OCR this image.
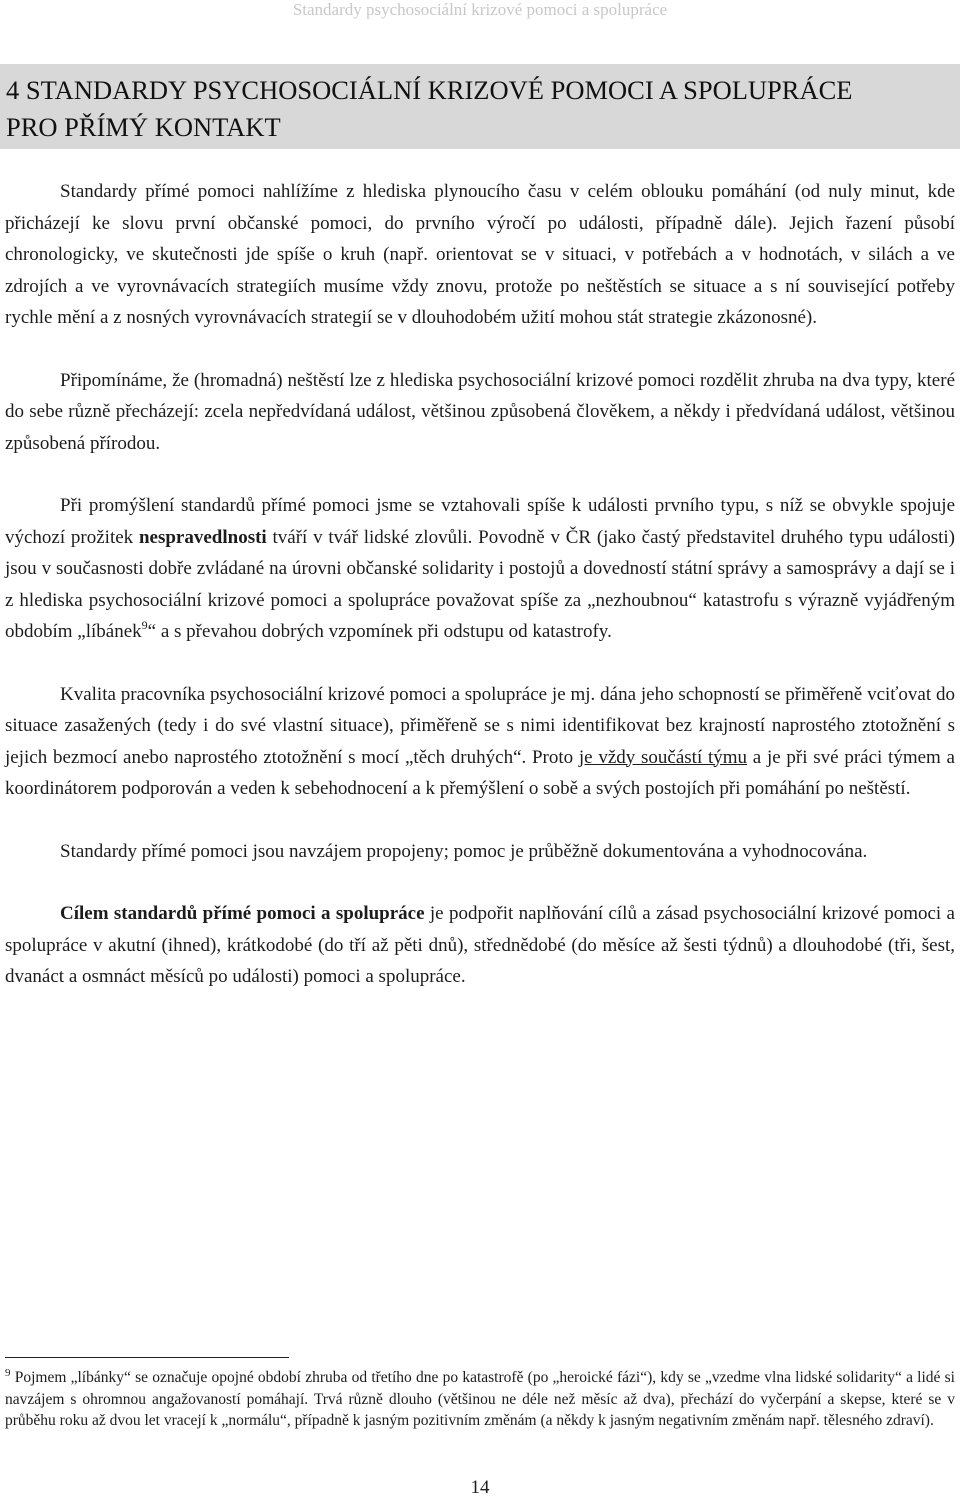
Standardy psychosociální krizové pomoci a spolupráce
4 STANDARDY PSYCHOSOCIÁLNÍ KRIZOVÉ POMOCI A SPOLUPRÁCE
PRO PŘÍMÝ KONTAKT

Standardy přímé pomoci nahlížíme z hlediska plynoucího času v celém oblouku pomáhání (od nuly minut, kde přicházejí ke slovu první občanské pomoci, do prvního výročí po události, případně dále). Jejich řazení působí chronologicky, ve skutečnosti jde spíše o kruh (např. orientovat se v situaci, v potřebách a v hodnotách, v silách a ve zdrojích a ve vyrovnávacích strategiích musíme vždy znovu, protože po neštěstích se situace a s ní související potřeby rychle mění a z nosných vyrovnávacích strategií se v dlouhodobém užití mohou stát strategie zkázonosné).

Připomínáme, že (hromadná) neštěstí lze z hlediska psychosociální krizové pomoci rozdělit zhruba na dva typy, které do sebe různě přecházejí: zcela nepředvídaná událost, většinou způsobená člověkem, a někdy i předvídaná událost, většinou způsobená přírodou.

Při promýšlení standardů přímé pomoci jsme se vztahovali spíše k události prvního typu, s níž se obvykle spojuje výchozí prožitek nespravedlnosti tváří v tvář lidské zlovůli. Povodně v ČR (jako častý představitel druhého typu události) jsou v současnosti dobře zvládané na úrovni občanské solidarity i postojů a dovedností státní správy a samosprávy a dají se i z hlediska psychosociální krizové pomoci a spolupráce považovat spíše za „nezhoubnou“ katastrofu s výrazně vyjádřeným obdobím „líbánek$^9$“ a s převahou dobrých vzpomínek při odstupu od katastrofy.

Kvalita pracovníka psychosociální krizové pomoci a spolupráce je mj. dána jeho schopností se přiměřeně vciťovat do situace zasažených (tedy i do své vlastní situace), přiměřeně se s nimi identifikovat bez krajností naprostého ztotožnění s jejich bezmocí anebo naprostého ztotožnění s mocí „těch druhých“. Proto je vždy součástí týmu a je při své práci týmem a koordinátorem podporován a veden k sebehodnocení a k přemýšlení o sobě a svých postojích při pomáhání po neštěstí.

Standardy přímé pomoci jsou navzájem propojeny; pomoc je průběžně dokumentována a vyhodnocována.

Cílem standardů přímé pomoci a spolupráce je podpořit naplňování cílů a zásad psychosociální krizové pomoci a spolupráce v akutní (ihned), krátkodobé (do tří až pěti dnů), střednědobé (do měsíce až šesti týdnů) a dlouhodobé (tři, šest, dvanáct a osmnáct měsíců po události) pomoci a spolupráce.

$^9$ Pojmem „líbánky“ se označuje opojné období zhruba od třetího dne po katastrofě (po „heroické fázi“), kdy se „vzedme vlna lidské solidarity“ a lidé si navzájem s ohromnou angažovaností pomáhají. Trvá různě dlouho (většinou ne déle než měsíc až dva), přechází do vyčerpání a skepse, které se v průběhu roku až dvou let vracejí k „normálu“, případně k jasným pozitivním změnám (a někdy k jasným negativním změnám např. tělesného zdraví).
14
